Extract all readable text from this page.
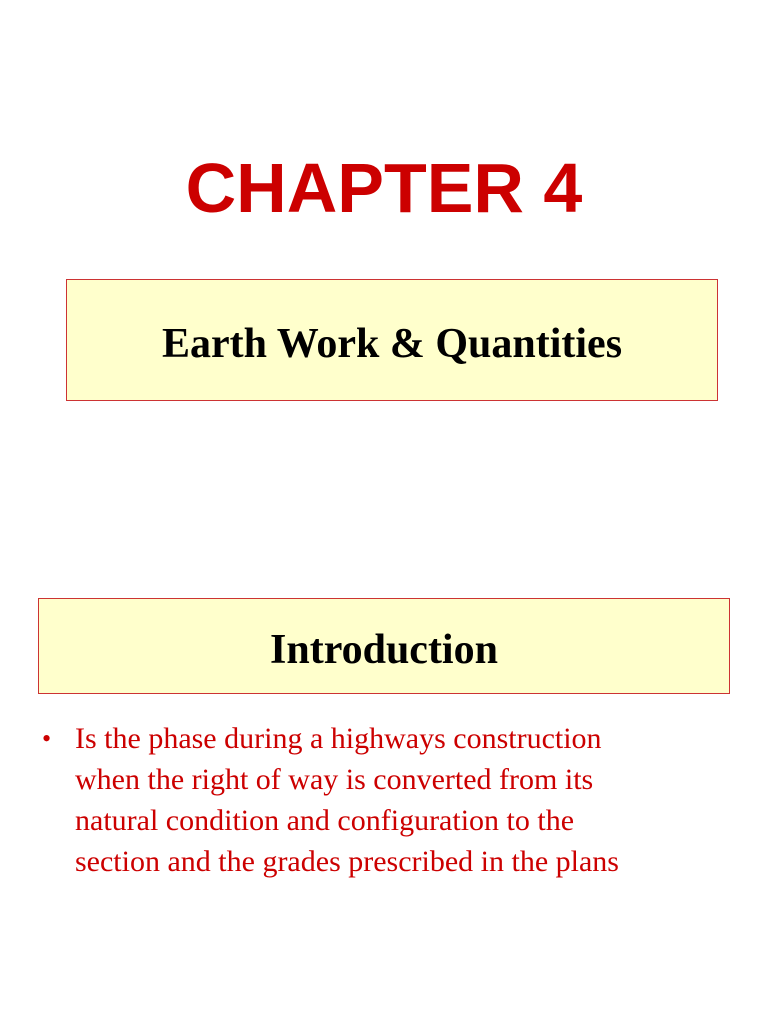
CHAPTER 4
Earth Work & Quantities
Introduction
• Is the phase during a highways construction
when the right of way is converted from its
natural condition and configuration to the
section and the grades prescribed in the plans
